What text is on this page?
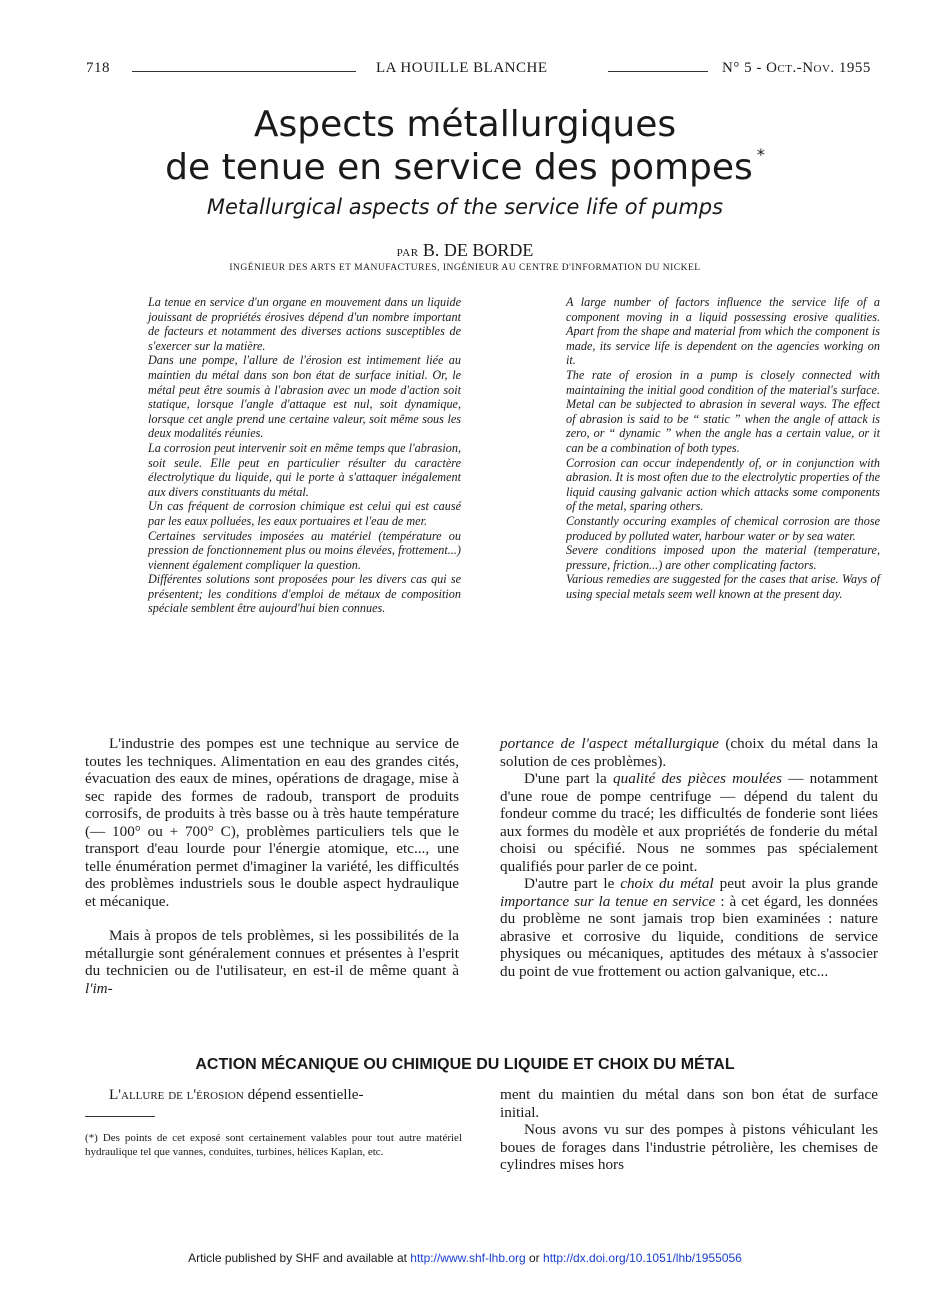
718	LA HOUILLE BLANCHE	N° 5 - Oct.-Nov. 1955
Aspects métallurgiques
de tenue en service des pompes *
Metallurgical aspects of the service life of pumps
PAR B. DE BORDE
INGÉNIEUR DES ARTS ET MANUFACTURES, INGÉNIEUR AU CENTRE D'INFORMATION DU NICKEL

La tenue en service d'un organe en mouvement dans un liquide jouissant de propriétés érosives dépend d'un nombre important de facteurs et notamment des diverses actions susceptibles de s'exercer sur la matière.

Dans une pompe, l'allure de l'érosion est intimement liée au maintien du métal dans son bon état de surface initial. Or, le métal peut être soumis à l'abrasion avec un mode d'action soit statique, lorsque l'angle d'attaque est nul, soit dynamique, lorsque cet angle prend une certaine valeur, soit même sous les deux modalités réunies.

La corrosion peut intervenir soit en même temps que l'abrasion, soit seule. Elle peut en particulier résulter du caractère électrolytique du liquide, qui le porte à s'attaquer inégalement aux divers constituants du métal.

Un cas fréquent de corrosion chimique est celui qui est causé par les eaux polluées, les eaux portuaires et l'eau de mer.

Certaines servitudes imposées au matériel (température ou pression de fonctionnement plus ou moins élevées, frottement...) viennent également compliquer la question.

Différentes solutions sont proposées pour les divers cas qui se présentent; les conditions d'emploi de métaux de composition spéciale semblent être aujourd'hui bien connues.

A large number of factors influence the service life of a component moving in a liquid possessing erosive qualities. Apart from the shape and material from which the component is made, its service life is dependent on the agencies working on it.

The rate of erosion in a pump is closely connected with maintaining the initial good condition of the material's surface. Metal can be subjected to abrasion in several ways. The effect of abrasion is said to be “ static ” when the angle of attack is zero, or “ dynamic ” when the angle has a certain value, or it can be a combination of both types.

Corrosion can occur independently of, or in conjunction with abrasion. It is most often due to the electrolytic properties of the liquid causing galvanic action which attacks some components of the metal, sparing others.

Constantly occuring examples of chemical corrosion are those produced by polluted water, harbour water or by sea water.

Severe conditions imposed upon the material (temperature, pressure, friction...) are other complicating factors.

Various remedies are suggested for the cases that arise. Ways of using special metals seem well known at the present day.

L'industrie des pompes est une technique au service de toutes les techniques. Alimentation en eau des grandes cités, évacuation des eaux de mines, opérations de dragage, mise à sec rapide des formes de radoub, transport de produits corrosifs, de produits à très basse ou à très haute température (— 100° ou + 700° C), problèmes particuliers tels que le transport d'eau lourde pour l'énergie atomique, etc..., une telle énumération permet d'imaginer la variété, les difficultés des problèmes industriels sous le double aspect hydraulique et mécanique.

Mais à propos de tels problèmes, si les possibilités de la métallurgie sont généralement connues et présentes à l'esprit du technicien ou de l'utilisateur, en est-il de même quant à l'im-

portance de l'aspect métallurgique (choix du métal dans la solution de ces problèmes).

D'une part la qualité des pièces moulées — notamment d'une roue de pompe centrifuge — dépend du talent du fondeur comme du tracé; les difficultés de fonderie sont liées aux formes du modèle et aux propriétés de fonderie du métal choisi ou spécifié. Nous ne sommes pas spécialement qualifiés pour parler de ce point.

D'autre part le choix du métal peut avoir la plus grande importance sur la tenue en service : à cet égard, les données du problème ne sont jamais trop bien examinées : nature abrasive et corrosive du liquide, conditions de service physiques ou mécaniques, aptitudes des métaux à s'associer du point de vue frottement ou action galvanique, etc...

ACTION MÉCANIQUE OU CHIMIQUE DU LIQUIDE ET CHOIX DU MÉTAL

L'allure de l'érosion dépend essentielle-	ment du maintien du métal dans son bon état de surface initial.

Nous avons vu sur des pompes à pistons véhiculant les boues de forages dans l'industrie pétrolière, les chemises de cylindres mises hors

(*) Des points de cet exposé sont certainement valables pour tout autre matériel hydraulique tel que vannes, conduites, turbines, hélices Kaplan, etc.

Article published by SHF and available at http://www.shf-lhb.org or http://dx.doi.org/10.1051/lhb/1955056
